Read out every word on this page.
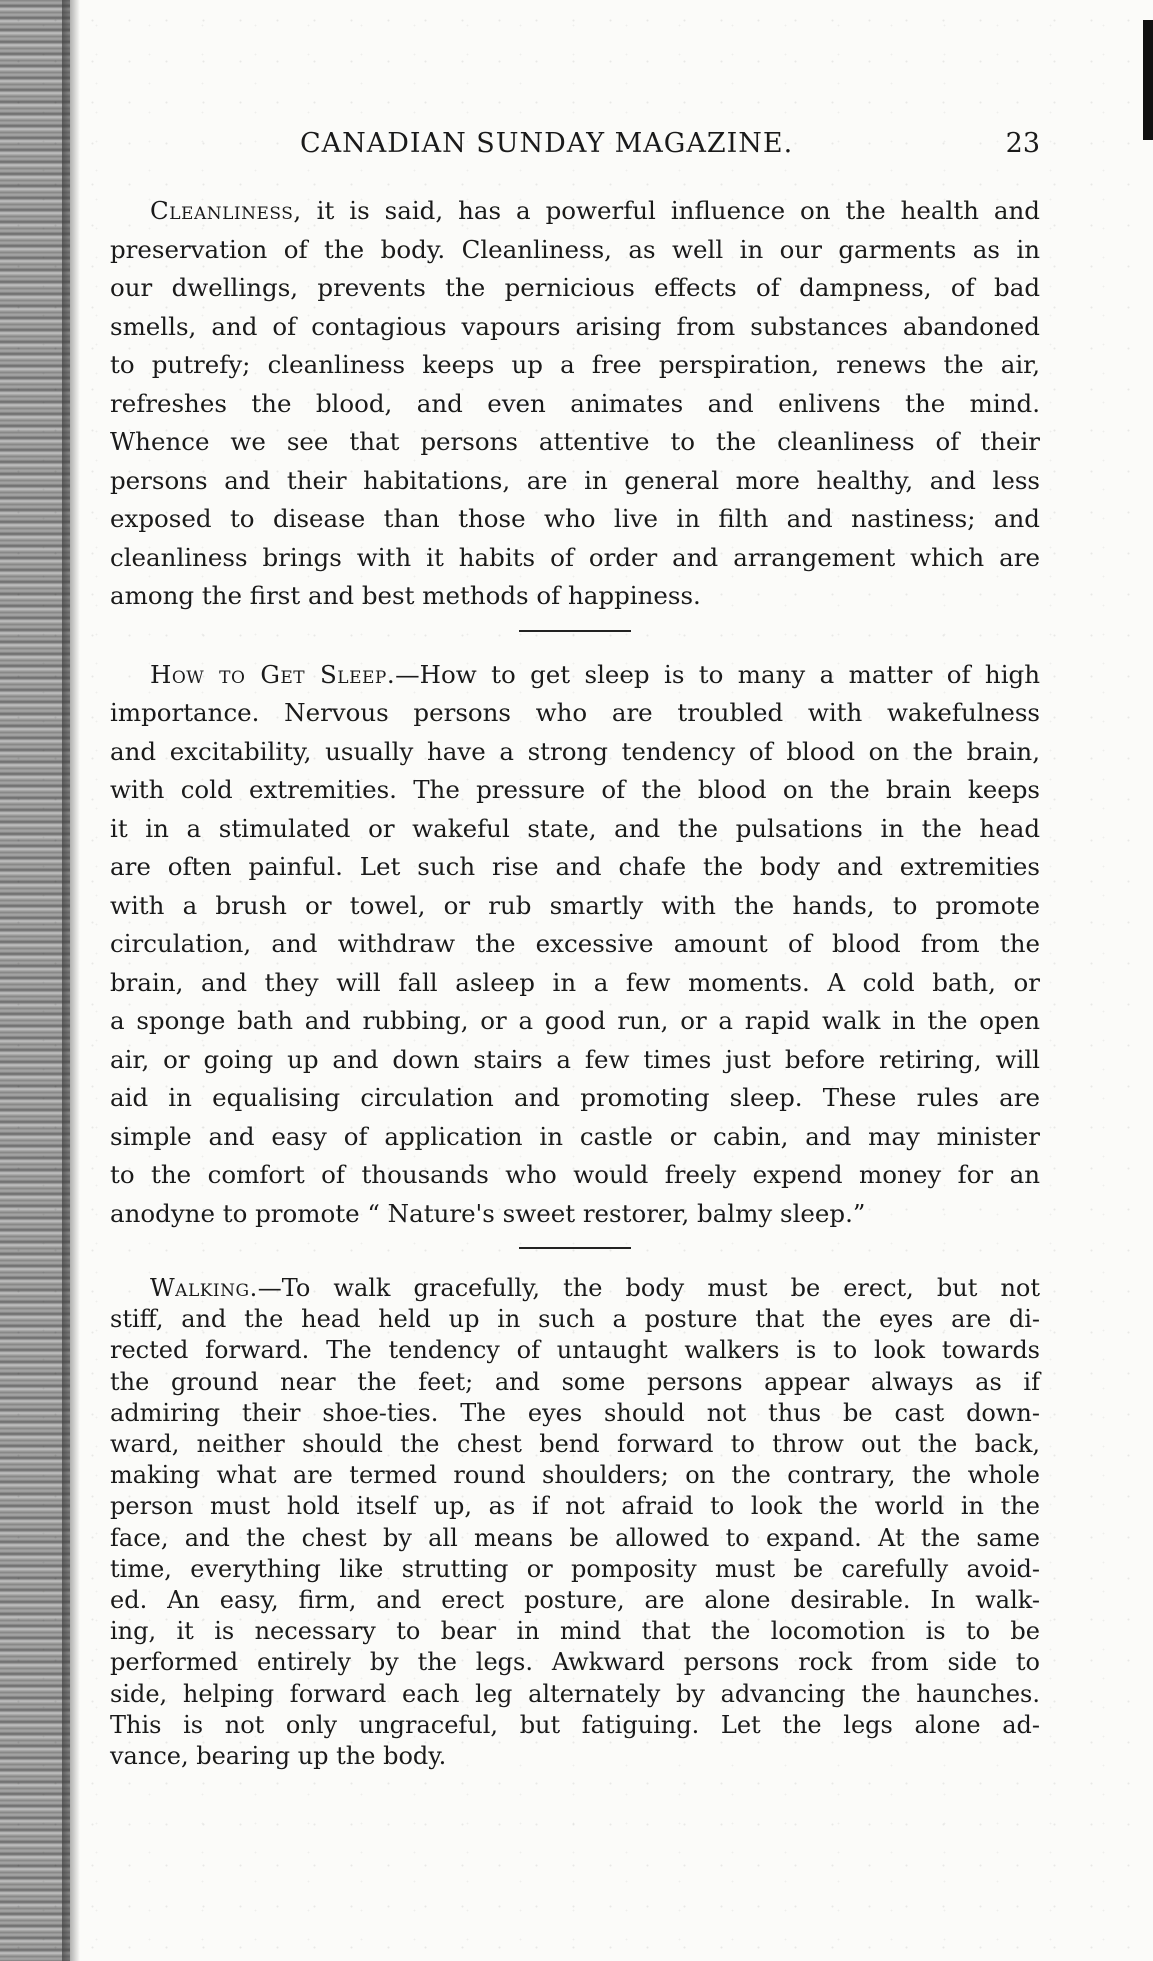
CANADIAN SUNDAY MAGAZINE.	23
Cleanliness, it is said, has a powerful influence on the health and
preservation of the body. Cleanliness, as well in our garments as in
our dwellings, prevents the pernicious effects of dampness, of bad
smells, and of contagious vapours arising from substances abandoned
to putrefy; cleanliness keeps up a free perspiration, renews the air,
refreshes the blood, and even animates and enlivens the mind.
Whence we see that persons attentive to the cleanliness of their
persons and their habitations, are in general more healthy, and less
exposed to disease than those who live in filth and nastiness; and
cleanliness brings with it habits of order and arrangement which are
among the first and best methods of happiness.
How to Get Sleep.—How to get sleep is to many a matter of high
importance. Nervous persons who are troubled with wakefulness
and excitability, usually have a strong tendency of blood on the brain,
with cold extremities. The pressure of the blood on the brain keeps
it in a stimulated or wakeful state, and the pulsations in the head
are often painful. Let such rise and chafe the body and extremities
with a brush or towel, or rub smartly with the hands, to promote
circulation, and withdraw the excessive amount of blood from the
brain, and they will fall asleep in a few moments. A cold bath, or
a sponge bath and rubbing, or a good run, or a rapid walk in the open
air, or going up and down stairs a few times just before retiring, will
aid in equalising circulation and promoting sleep. These rules are
simple and easy of application in castle or cabin, and may minister
to the comfort of thousands who would freely expend money for an
anodyne to promote “ Nature's sweet restorer, balmy sleep.”
Walking.—To walk gracefully, the body must be erect, but not
stiff, and the head held up in such a posture that the eyes are di-
rected forward. The tendency of untaught walkers is to look towards
the ground near the feet; and some persons appear always as if
admiring their shoe-ties. The eyes should not thus be cast down-
ward, neither should the chest bend forward to throw out the back,
making what are termed round shoulders; on the contrary, the whole
person must hold itself up, as if not afraid to look the world in the
face, and the chest by all means be allowed to expand. At the same
time, everything like strutting or pomposity must be carefully avoid-
ed. An easy, firm, and erect posture, are alone desirable. In walk-
ing, it is necessary to bear in mind that the locomotion is to be
performed entirely by the legs. Awkward persons rock from side to
side, helping forward each leg alternately by advancing the haunches.
This is not only ungraceful, but fatiguing. Let the legs alone ad-
vance, bearing up the body.
